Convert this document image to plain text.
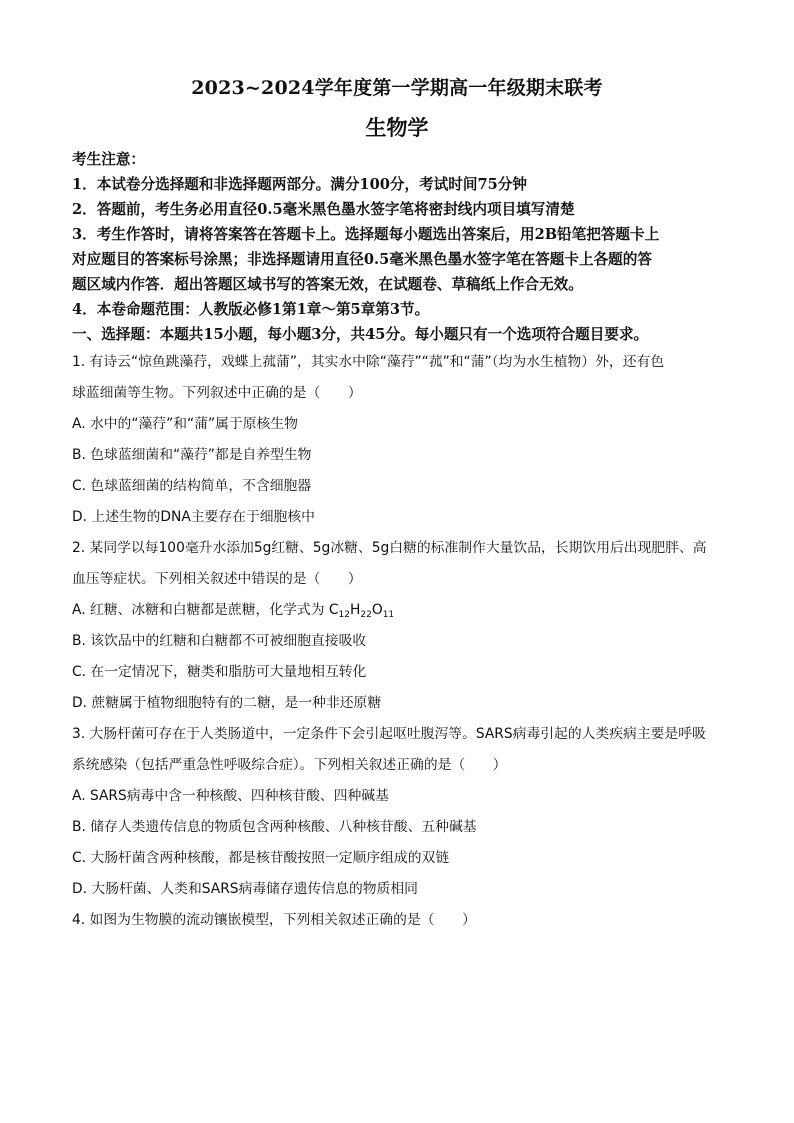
2023~2024学年度第一学期高一年级期末联考
生物学
考生注意：
1．本试卷分选择题和非选择题两部分。满分100分，考试时间75分钟
2．答题前，考生务必用直径0.5毫米黑色墨水签字笔将密封线内项目填写清楚
3．考生作答时，请将答案答在答题卡上。选择题每小题选出答案后，用2B铅笔把答题卡上
对应题目的答案标号涂黑；非选择题请用直径0.5毫米黑色墨水签字笔在答题卡上各题的答
题区域内作答．超出答题区域书写的答案无效，在试题卷、草稿纸上作合无效。
4．本卷命题范围：人教版必修1第1章～第5章第3节。
一、选择题：本题共15小题，每小题3分，共45分。每小题只有一个选项符合题目要求。
1. 有诗云“惊鱼跳藻荇，戏蝶上菰蒲”，其实水中除“藻荇”“菰”和“蒲”（均为水生植物）外，还有色
球蓝细菌等生物。下列叙述中正确的是（　　）
A. 水中的“藻荇”和“蒲”属于原核生物
B. 色球蓝细菌和“藻荇”都是自养型生物
C. 色球蓝细菌的结构简单，不含细胞器
D. 上述生物的DNA主要存在于细胞核中
2. 某同学以每100毫升水添加5g红糖、5g冰糖、5g白糖的标准制作大量饮品，长期饮用后出现肥胖、高
血压等症状。下列相关叙述中错误的是（　　）
A. 红糖、冰糖和白糖都是蔗糖，化学式为 $C_{12}H_{22}O_{11}$
B. 该饮品中的红糖和白糖都不可被细胞直接吸收
C. 在一定情况下，糖类和脂肪可大量地相互转化
D. 蔗糖属于植物细胞特有的二糖，是一种非还原糖
3. 大肠杆菌可存在于人类肠道中，一定条件下会引起呕吐腹泻等。SARS病毒引起的人类疾病主要是呼吸
系统感染（包括严重急性呼吸综合症）。下列相关叙述正确的是（　　）
A. SARS病毒中含一种核酸、四种核苷酸、四种碱基
B. 储存人类遗传信息的物质包含两种核酸、八种核苷酸、五种碱基
C. 大肠杆菌含两种核酸，都是核苷酸按照一定顺序组成的双链
D. 大肠杆菌、人类和SARS病毒储存遗传信息的物质相同
4. 如图为生物膜的流动镶嵌模型，下列相关叙述正确的是（　　）
